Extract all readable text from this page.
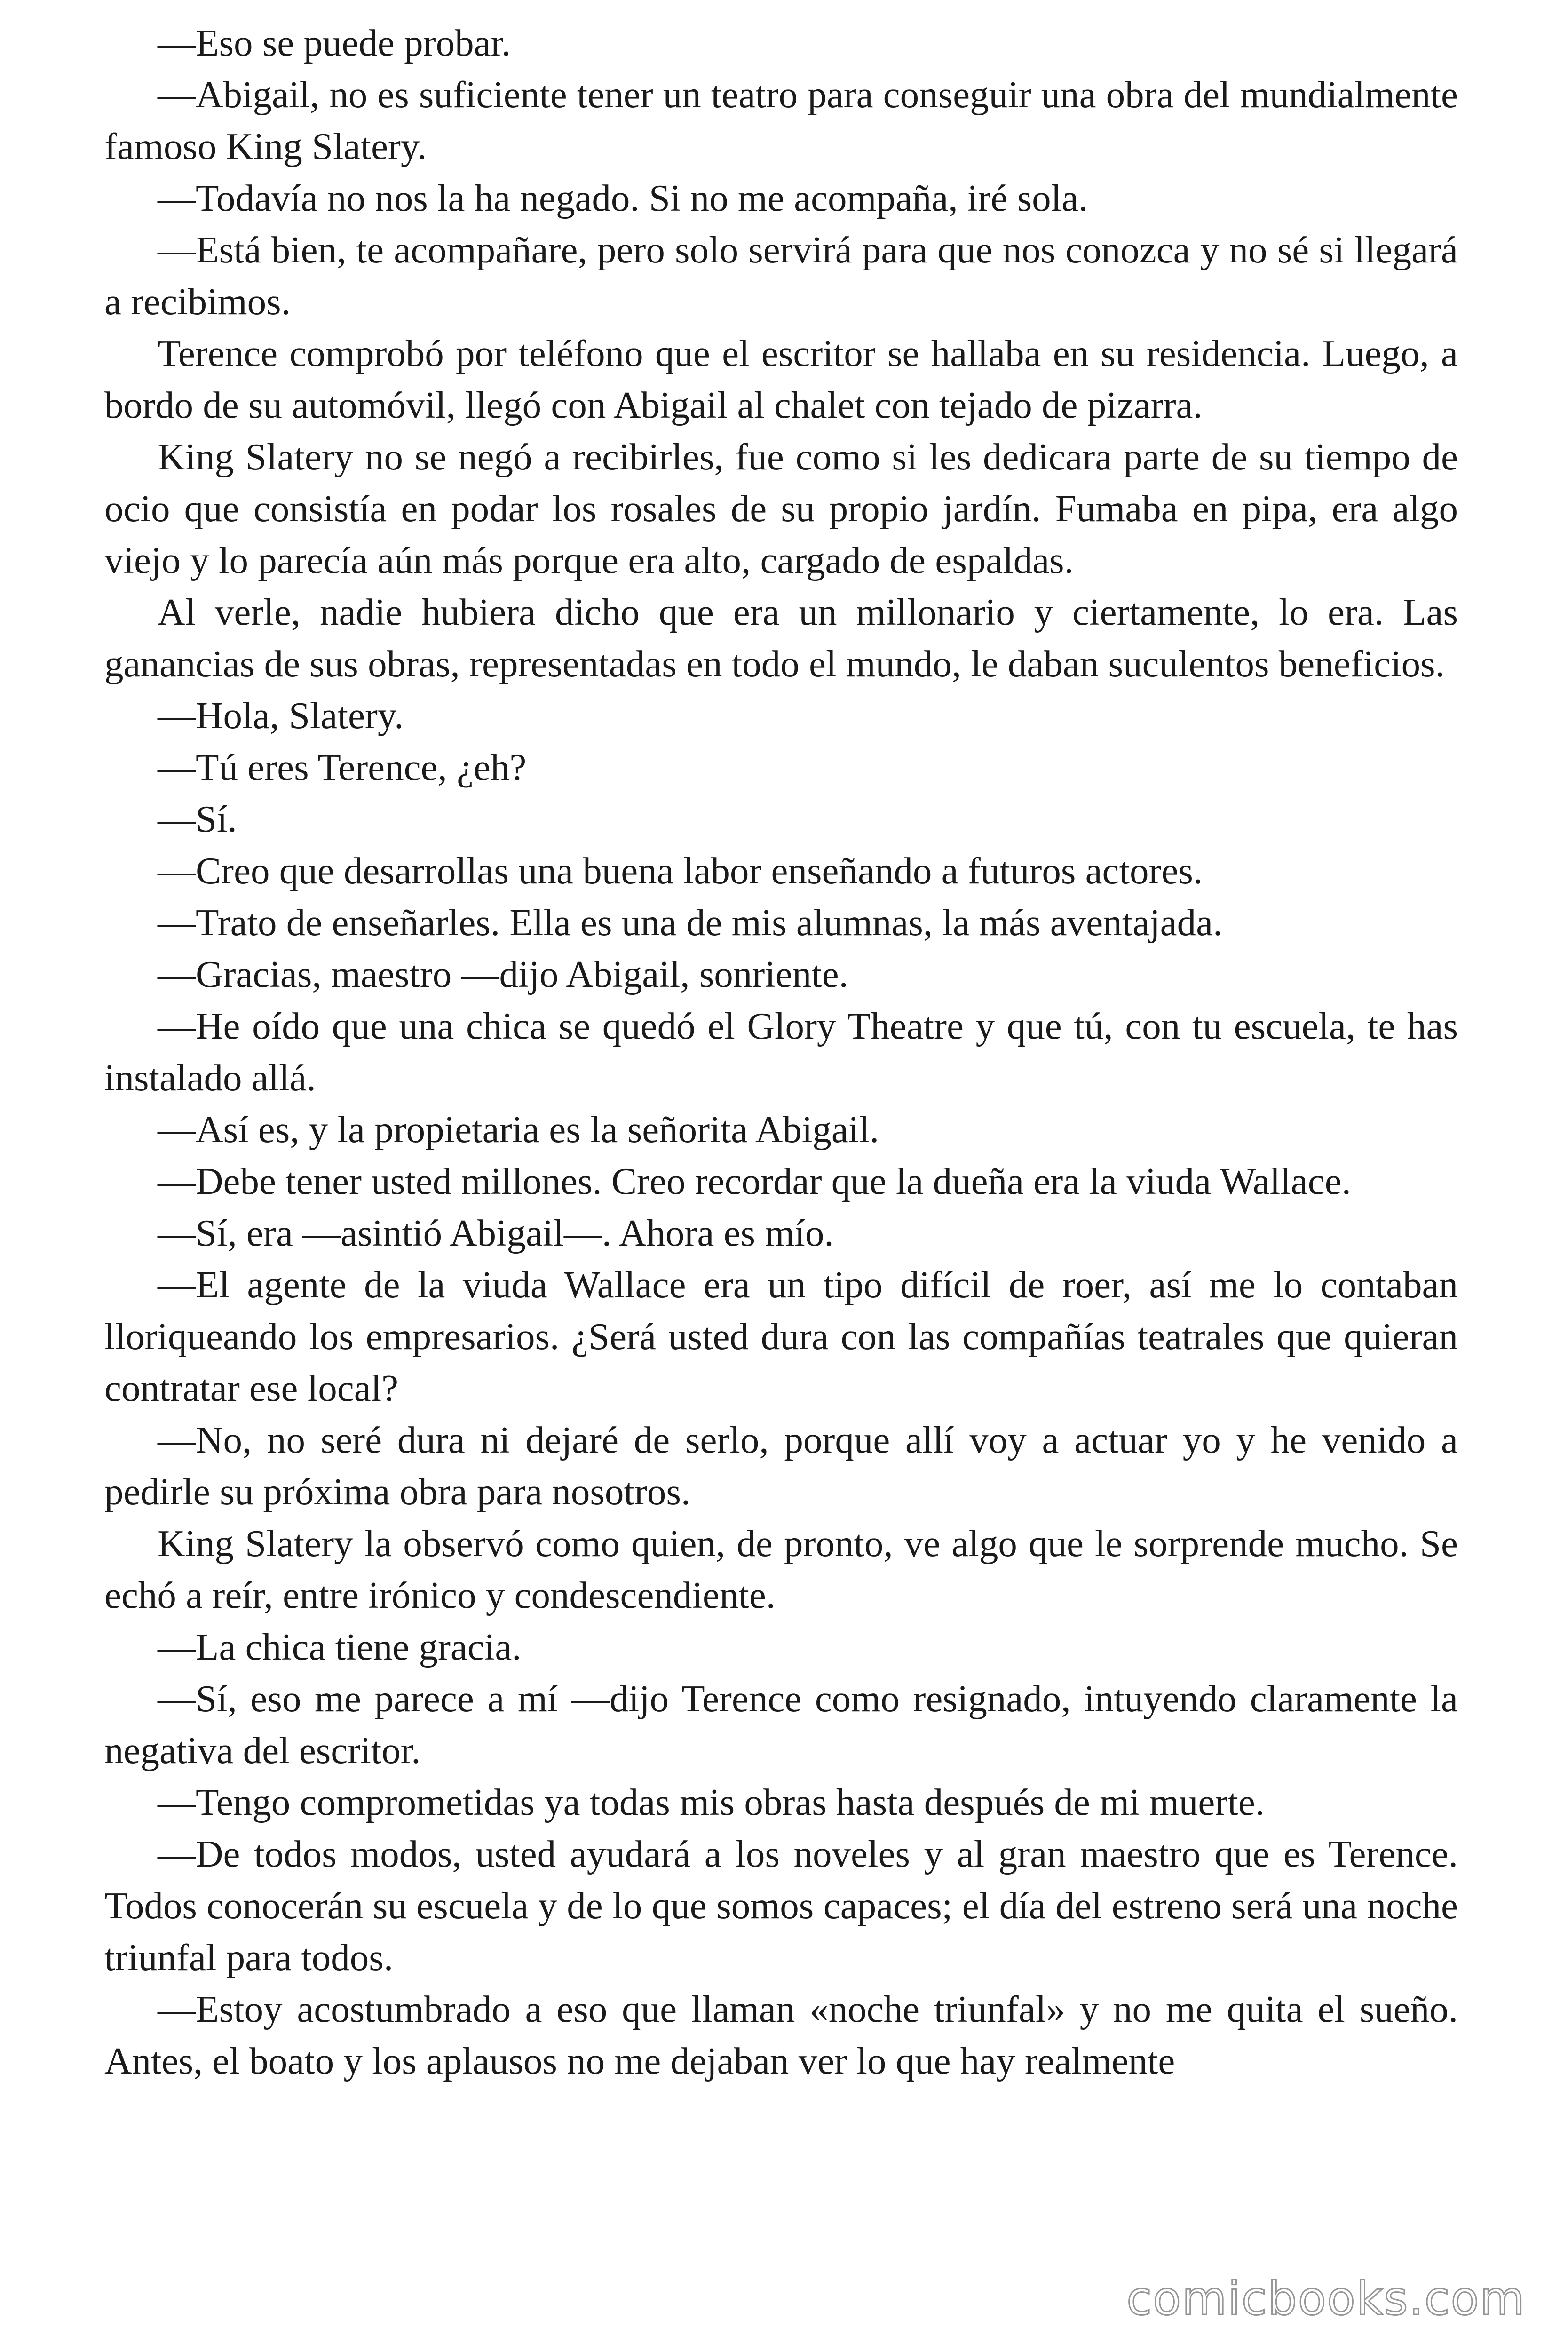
—Eso se puede probar.

—Abigail, no es suficiente tener un teatro para conseguir una obra del mundialmente famoso King Slatery.

—Todavía no nos la ha negado. Si no me acompaña, iré sola.

—Está bien, te acompañare, pero solo servirá para que nos conozca y no sé si llegará a recibimos.

Terence comprobó por teléfono que el escritor se hallaba en su residencia. Luego, a bordo de su automóvil, llegó con Abigail al chalet con tejado de pizarra.

King Slatery no se negó a recibirles, fue como si les dedicara parte de su tiempo de ocio que consistía en podar los rosales de su propio jardín. Fumaba en pipa, era algo viejo y lo parecía aún más porque era alto, cargado de espaldas.

Al verle, nadie hubiera dicho que era un millonario y ciertamente, lo era. Las ganancias de sus obras, representadas en todo el mundo, le daban suculentos beneficios.

—Hola, Slatery.

—Tú eres Terence, ¿eh?

—Sí.

—Creo que desarrollas una buena labor enseñando a futuros actores.

—Trato de enseñarles. Ella es una de mis alumnas, la más aventajada.

—Gracias, maestro —dijo Abigail, sonriente.

—He oído que una chica se quedó el Glory Theatre y que tú, con tu escuela, te has instalado allá.

—Así es, y la propietaria es la señorita Abigail.

—Debe tener usted millones. Creo recordar que la dueña era la viuda Wallace.

—Sí, era —asintió Abigail—. Ahora es mío.

—El agente de la viuda Wallace era un tipo difícil de roer, así me lo contaban lloriqueando los empresarios. ¿Será usted dura con las compañías teatrales que quieran contratar ese local?

—No, no seré dura ni dejaré de serlo, porque allí voy a actuar yo y he venido a pedirle su próxima obra para nosotros.

King Slatery la observó como quien, de pronto, ve algo que le sorprende mucho. Se echó a reír, entre irónico y condescendiente.

—La chica tiene gracia.

—Sí, eso me parece a mí —dijo Terence como resignado, intuyendo claramente la negativa del escritor.

—Tengo comprometidas ya todas mis obras hasta después de mi muerte.

—De todos modos, usted ayudará a los noveles y al gran maestro que es Terence. Todos conocerán su escuela y de lo que somos capaces; el día del estreno será una noche triunfal para todos.

—Estoy acostumbrado a eso que llaman «noche triunfal» y no me quita el sueño. Antes, el boato y los aplausos no me dejaban ver lo que hay realmente

comicbooks.com
